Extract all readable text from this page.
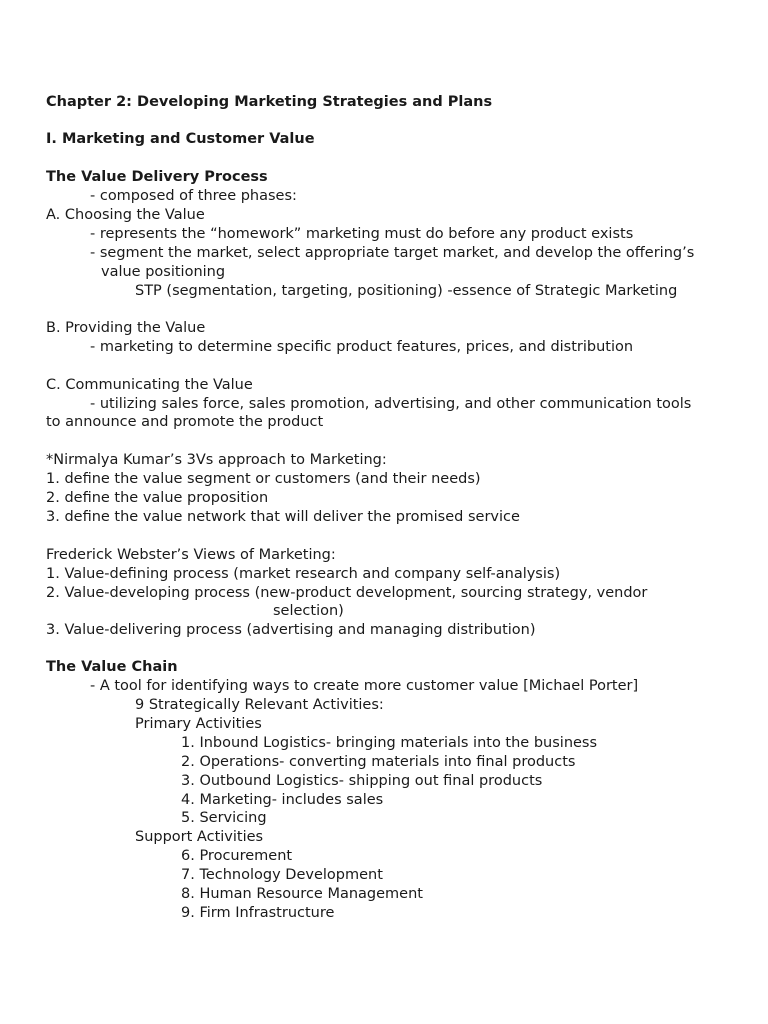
Chapter 2: Developing Marketing Strategies and Plans
I. Marketing and Customer Value
The Value Delivery Process
- composed of three phases:
A. Choosing the Value
- represents the “homework” marketing must do before any product exists
- segment the market, select appropriate target market, and develop the offering’s
value positioning
STP (segmentation, targeting, positioning) -essence of Strategic Marketing
B. Providing the Value
- marketing to determine specific product features, prices, and distribution
C. Communicating the Value
- utilizing sales force, sales promotion, advertising, and other communication tools
to announce and promote the product
*Nirmalya Kumar’s 3Vs approach to Marketing:
1. define the value segment or customers (and their needs)
2. define the value proposition
3. define the value network that will deliver the promised service
Frederick Webster’s Views of Marketing:
1. Value-defining process (market research and company self-analysis)
2. Value-developing process (new-product development, sourcing strategy, vendor
selection)
3. Value-delivering process (advertising and managing distribution)
The Value Chain
- A tool for identifying ways to create more customer value [Michael Porter]
9 Strategically Relevant Activities:
Primary Activities
1. Inbound Logistics- bringing materials into the business
2. Operations- converting materials into final products
3. Outbound Logistics- shipping out final products
4. Marketing- includes sales
5. Servicing
Support Activities
6. Procurement
7. Technology Development
8. Human Resource Management
9. Firm Infrastructure
